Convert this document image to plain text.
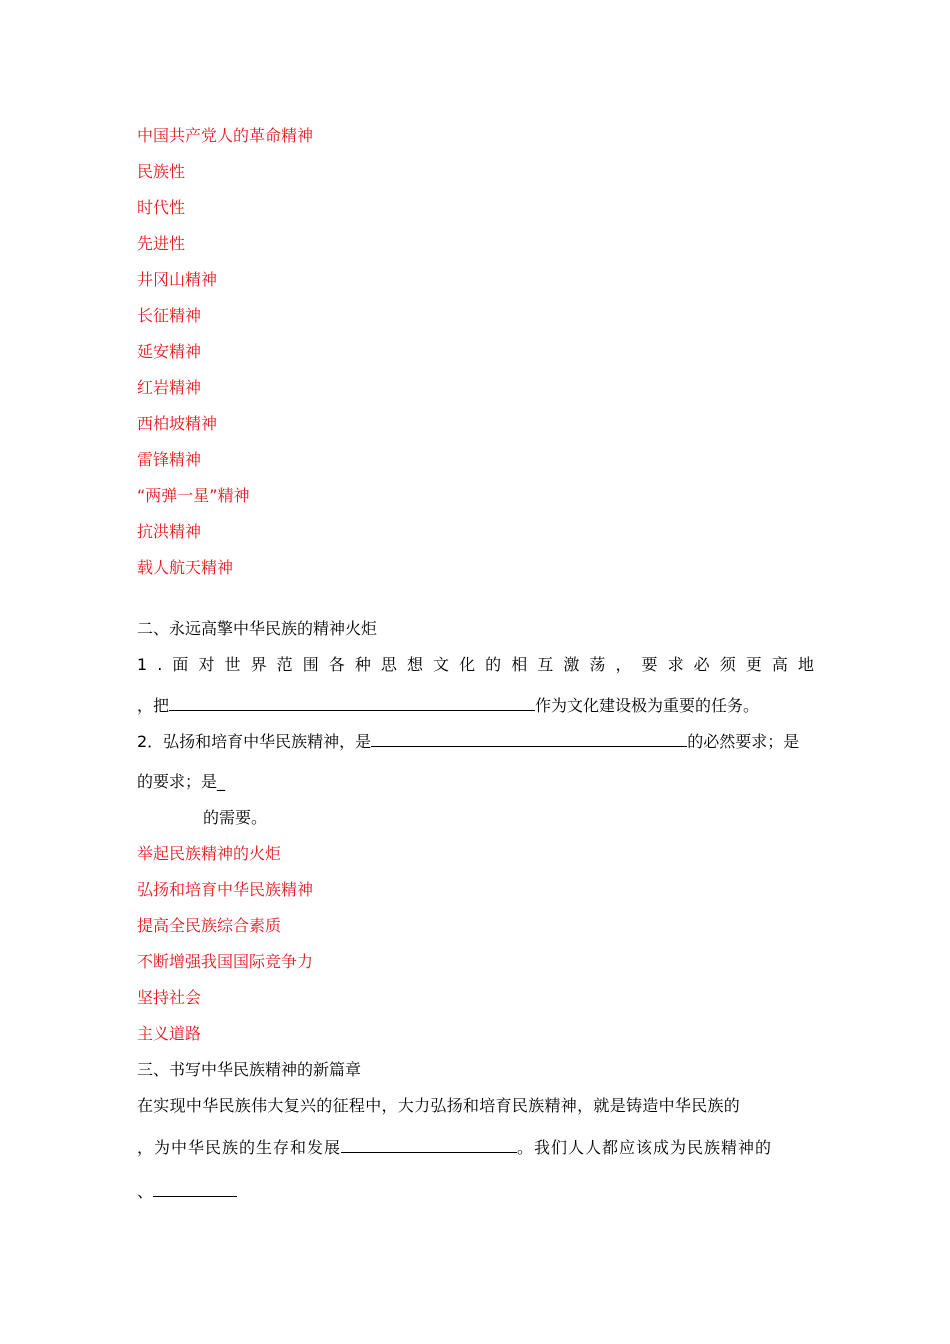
中国共产党人的革命精神
民族性
时代性
先进性
井冈山精神
长征精神
延安精神
红岩精神
西柏坡精神
雷锋精神
“两弹一星”精神
抗洪精神
载人航天精神
二、永远高擎中华民族的精神火炬
1 . 面 对 世 界 范 围 各 种 思 想 文 化 的 相 互 激 荡 ， 要 求 必 须 更 高 地
，把	作为文化建设极为重要的任务。
2．弘扬和培育中华民族精神，是	的必然要求；是
的要求；是_
的需要。
举起民族精神的火炬
弘扬和培育中华民族精神
提高全民族综合素质
不断增强我国国际竞争力
坚持社会
主义道路
三、书写中华民族精神的新篇章
在实现中华民族伟大复兴的征程中，大力弘扬和培育民族精神，就是铸造中华民族的
，为中华民族的生存和发展	。我们人人都应该成为民族精神的
、
